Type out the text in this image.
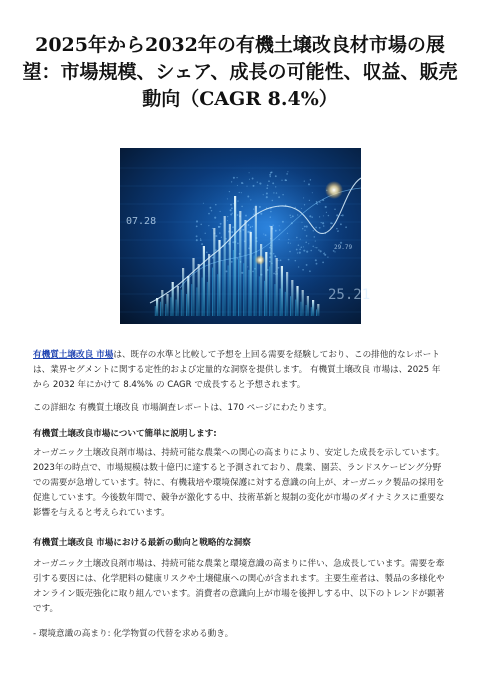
2025年から2032年の有機土壌改良材市場の展望：市場規模、シェア、成長の可能性、収益、販売動向（CAGR 8.4%）
07.28
29.79
25.21

有機質土壌改良 市場は、既存の水準と比較して予想を上回る需要を経験しており、この排他的なレポートは、業界セグメントに関する定性的および定量的な洞察を提供します。 有機質土壌改良 市場は、2025 年から 2032 年にかけて 8.4%% の CAGR で成長すると予想されます。

この詳細な 有機質土壌改良 市場調査レポートは、170 ページにわたります。

有機質土壌改良市場について簡単に説明します:

オーガニック土壌改良剤市場は、持続可能な農業への関心の高まりにより、安定した成長を示しています。2023年の時点で、市場規模は数十億円に達すると予測されており、農業、園芸、ランドスケーピング分野での需要が急増しています。特に、有機栽培や環境保護に対する意識の向上が、オーガニック製品の採用を促進しています。今後数年間で、競争が激化する中、技術革新と規制の変化が市場のダイナミクスに重要な影響を与えると考えられています。

有機質土壌改良 市場における最新の動向と戦略的な洞察

オーガニック土壌改良剤市場は、持続可能な農業と環境意識の高まりに伴い、急成長しています。需要を牽引する要因には、化学肥料の健康リスクや土壌健康への関心が含まれます。主要生産者は、製品の多様化やオンライン販売強化に取り組んでいます。消費者の意識向上が市場を後押しする中、以下のトレンドが顕著です。

- 環境意識の高まり: 化学物質の代替を求める動き。
